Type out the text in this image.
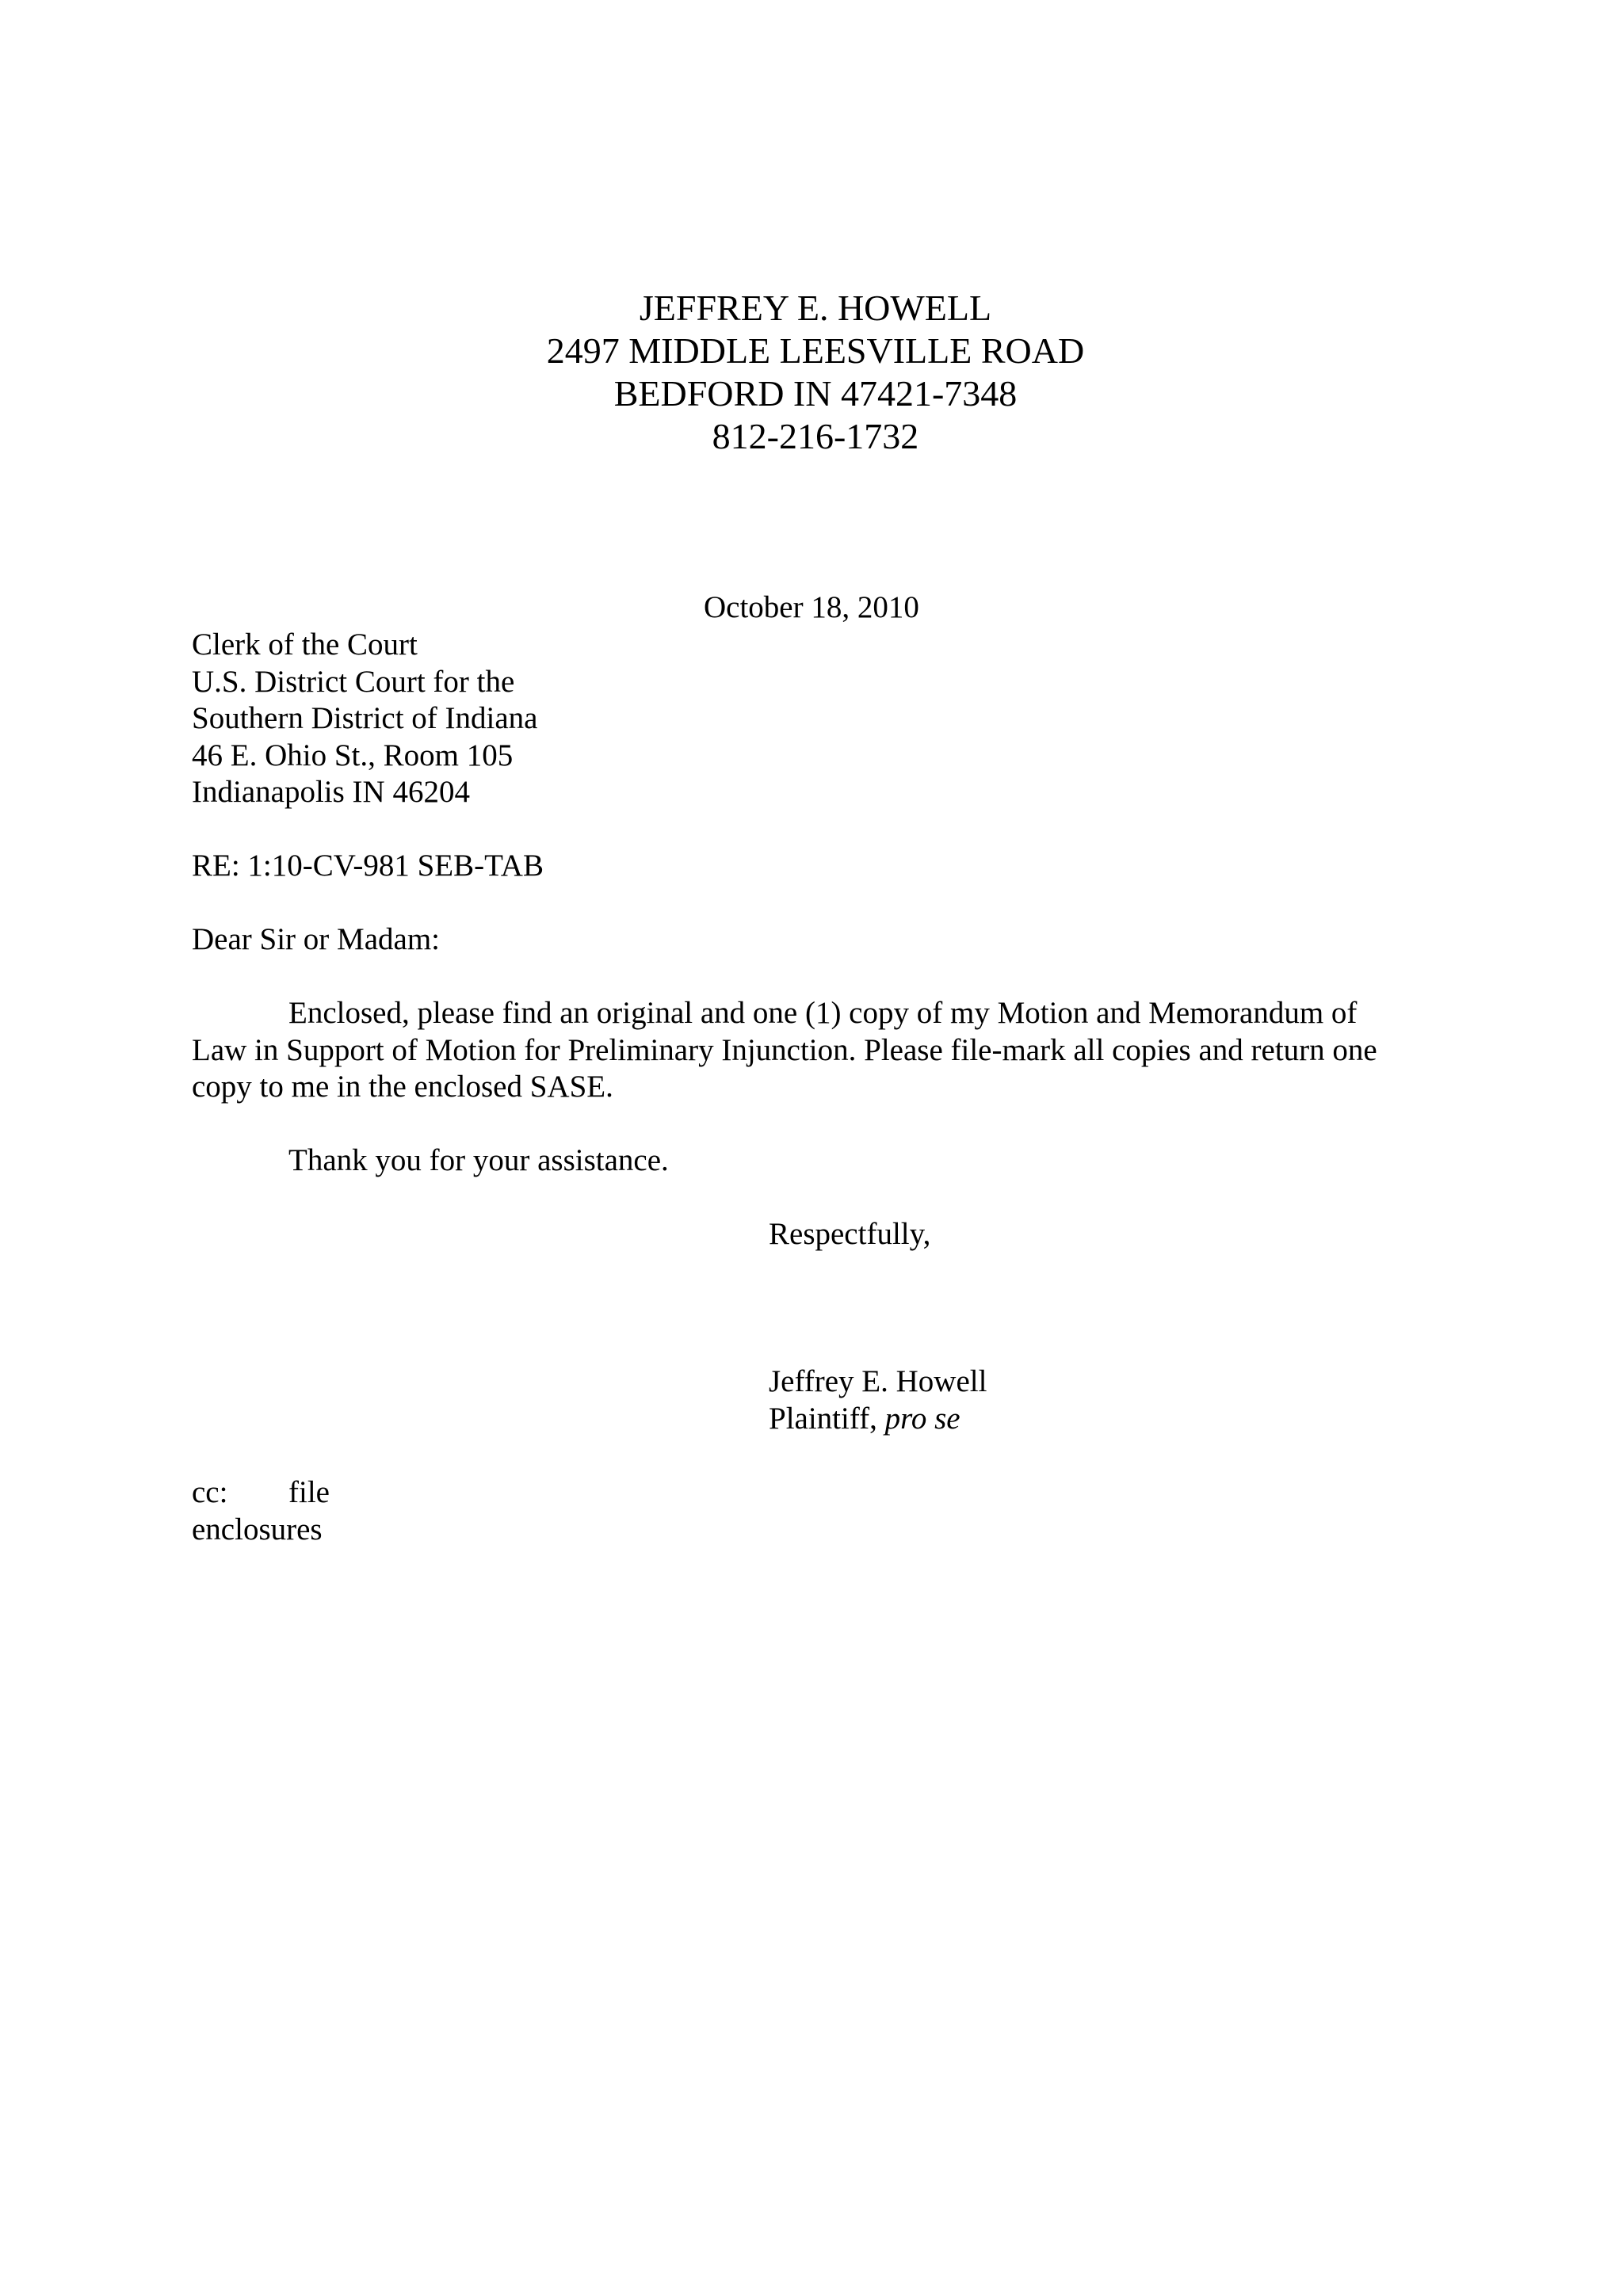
JEFFREY E. HOWELL
2497 MIDDLE LEESVILLE ROAD
BEDFORD IN 47421-7348
812-216-1732
October 18, 2010
Clerk of the Court
U.S. District Court for the
Southern District of Indiana
46 E. Ohio St., Room 105
Indianapolis IN 46204
RE: 1:10-CV-981 SEB-TAB
Dear Sir or Madam:
Enclosed, please find an original and one (1) copy of my Motion and Memorandum of
Law in Support of Motion for Preliminary Injunction. Please file-mark all copies and return one
copy to me in the enclosed SASE.
Thank you for your assistance.
Respectfully,
Jeffrey E. Howell
Plaintiff, pro se
cc: file
enclosures
